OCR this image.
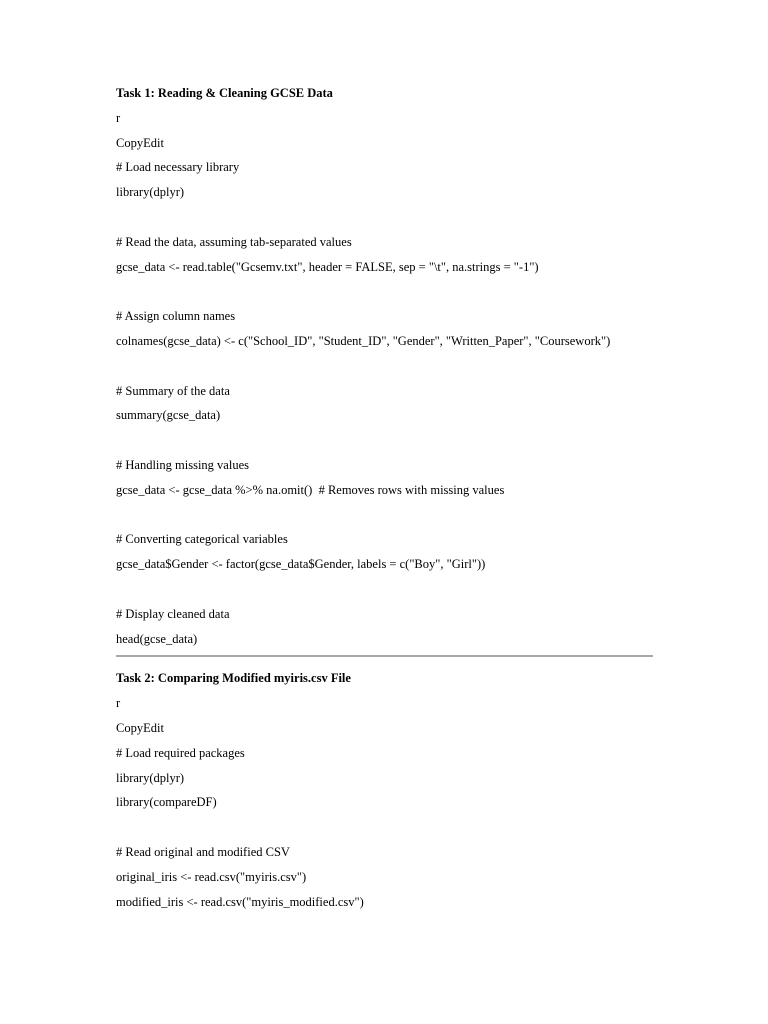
Task 1: Reading & Cleaning GCSE Data
r
CopyEdit
# Load necessary library
library(dplyr)
# Read the data, assuming tab-separated values
gcse_data <- read.table("Gcsemv.txt", header = FALSE, sep = "\t", na.strings = "-1")
# Assign column names
colnames(gcse_data) <- c("School_ID", "Student_ID", "Gender", "Written_Paper", "Coursework")
# Summary of the data
summary(gcse_data)
# Handling missing values
gcse_data <- gcse_data %>% na.omit()  # Removes rows with missing values
# Converting categorical variables
gcse_data$Gender <- factor(gcse_data$Gender, labels = c("Boy", "Girl"))
# Display cleaned data
head(gcse_data)
Task 2: Comparing Modified myiris.csv File
r
CopyEdit
# Load required packages
library(dplyr)
library(compareDF)
# Read original and modified CSV
original_iris <- read.csv("myiris.csv")
modified_iris <- read.csv("myiris_modified.csv")
